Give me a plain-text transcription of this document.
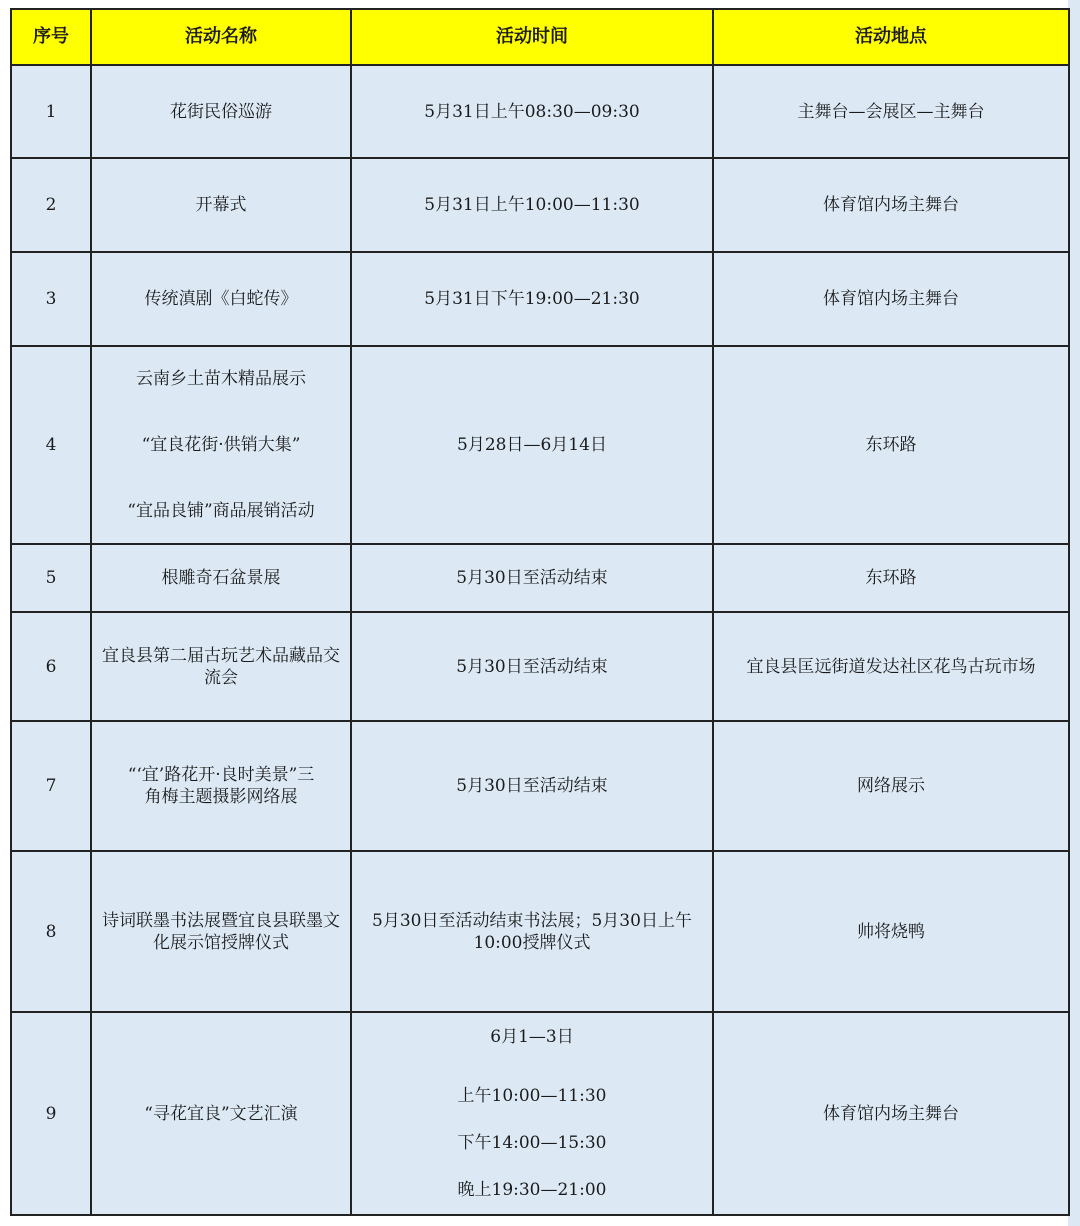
序号	活动名称	活动时间	活动地点
1	花街民俗巡游	5月31日上午08:30—09:30	主舞台—会展区—主舞台

2	开幕式	5月31日上午10:00—11:30	体育馆内场主舞台

3	传统滇剧《白蛇传》	5月31日下午19:00—21:30	体育馆内场主舞台

4	云南乡土苗木精品展示
“宜良花街·供销大集”
“宜品良铺”商品展销活动	5月28日—6月14日	东环路

5	根雕奇石盆景展	5月30日至活动结束	东环路

6	宜良县第二届古玩艺术品藏品交
流会	5月30日至活动结束	宜良县匡远街道发达社区花鸟古玩市场

7	“‘宜’路花开·良时美景”三
角梅主题摄影网络展	5月30日至活动结束	网络展示

8	诗词联墨书法展暨宜良县联墨文
化展示馆授牌仪式	5月30日至活动结束书法展；5月30日上午
10:00授牌仪式	帅将烧鸭

9	“寻花宜良”文艺汇演	6月1—3日
上午10:00—11:30
下午14:00—15:30
晚上19:30—21:00	体育馆内场主舞台
